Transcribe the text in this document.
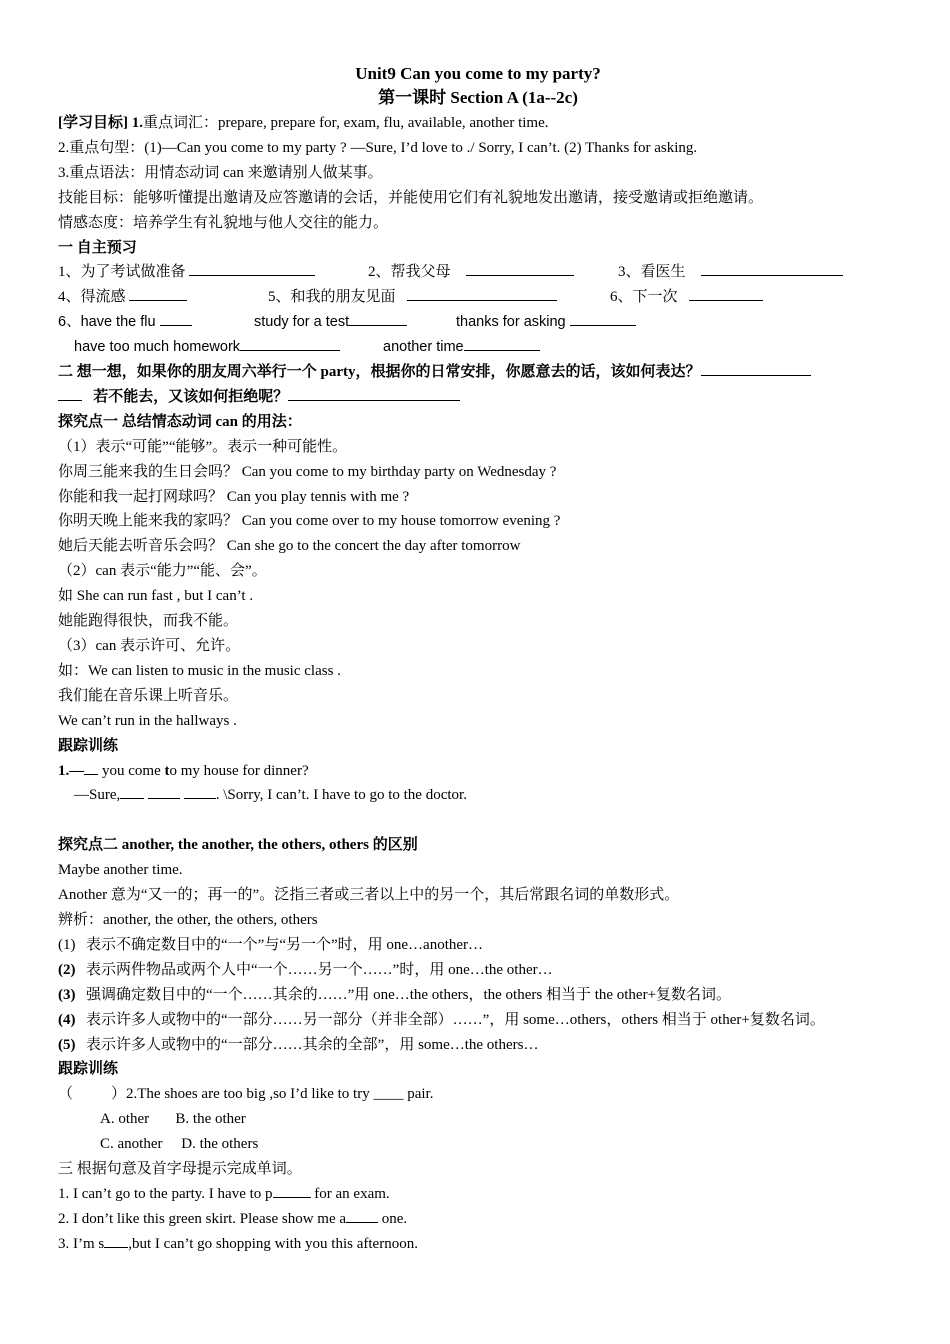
Unit9 Can you come to my party?
第一课时 Section A (1a--2c)
[学习目标] 1.重点词汇：prepare, prepare for, exam, flu, available, another time.
2.重点句型：(1)—Can you come to my party ? —Sure, I’d love to ./ Sorry, I can’t. (2) Thanks for asking.
3.重点语法：用情态动词 can 来邀请别人做某事。
技能目标：能够听懂提出邀请及应答邀请的会话，并能使用它们有礼貌地发出邀请，接受邀请或拒绝邀请。
情感态度：培养学生有礼貌地与他人交往的能力。
一 自主预习
1、为了考试做准备	2、帮我父母	3、看医生
4、得流感	5、和我的朋友见面	6、下一次
6、have the flu	study for a test	thanks for asking
have too much homework	another time
二 想一想，如果你的朋友周六举行一个 party，根据你的日常安排，你愿意去的话，该如何表达？
若不能去，又该如何拒绝呢？
探究点一 总结情态动词 can 的用法：
（1）表示“可能”“能够”。表示一种可能性。
你周三能来我的生日会吗？ Can you come to my birthday party on Wednesday ?
你能和我一起打网球吗？ Can you play tennis with me ?
你明天晚上能来我的家吗？ Can you come over to my house tomorrow evening ?
她后天能去听音乐会吗？ Can she go to the concert the day after tomorrow
（2）can 表示“能力”“能、会”。
如 She can run fast , but I can’t .
她能跑得很快，而我不能。
（3）can 表示许可、允许。
如：We can listen to music in the music class .
我们能在音乐课上听音乐。
We can’t run in the hallways .
跟踪训练
1.— you come to my house for dinner?
—Sure,	. \Sorry, I can’t. I have to go to the doctor.
探究点二 another, the another, the others, others 的区别
Maybe another time.
Another 意为“又一的；再一的”。泛指三者或三者以上中的另一个，其后常跟名词的单数形式。
辨析：another, the other, the others, others
(1) 表示不确定数目中的“一个”与“另一个”时，用 one…another…
(2) 表示两件物品或两个人中“一个……另一个……”时，用 one…the other…
(3) 强调确定数目中的“一个……其余的……”用 one…the others，the others 相当于 the other+复数名词。
(4) 表示许多人或物中的“一部分……另一部分（并非全部）……”，用 some…others，others 相当于 other+复数名词。
(5) 表示许多人或物中的“一部分……其余的全部”，用 some…the others…
跟踪训练
（	）2.The shoes are too big ,so I’d like to try ____ pair.
A. other B. the other
C. another D. the others
三 根据句意及首字母提示完成单词。
1. I can’t go to the party. I have to p	for an exam.
2. I don’t like this green skirt. Please show me a one.
3. I’m s ,but I can’t go shopping with you this afternoon.
